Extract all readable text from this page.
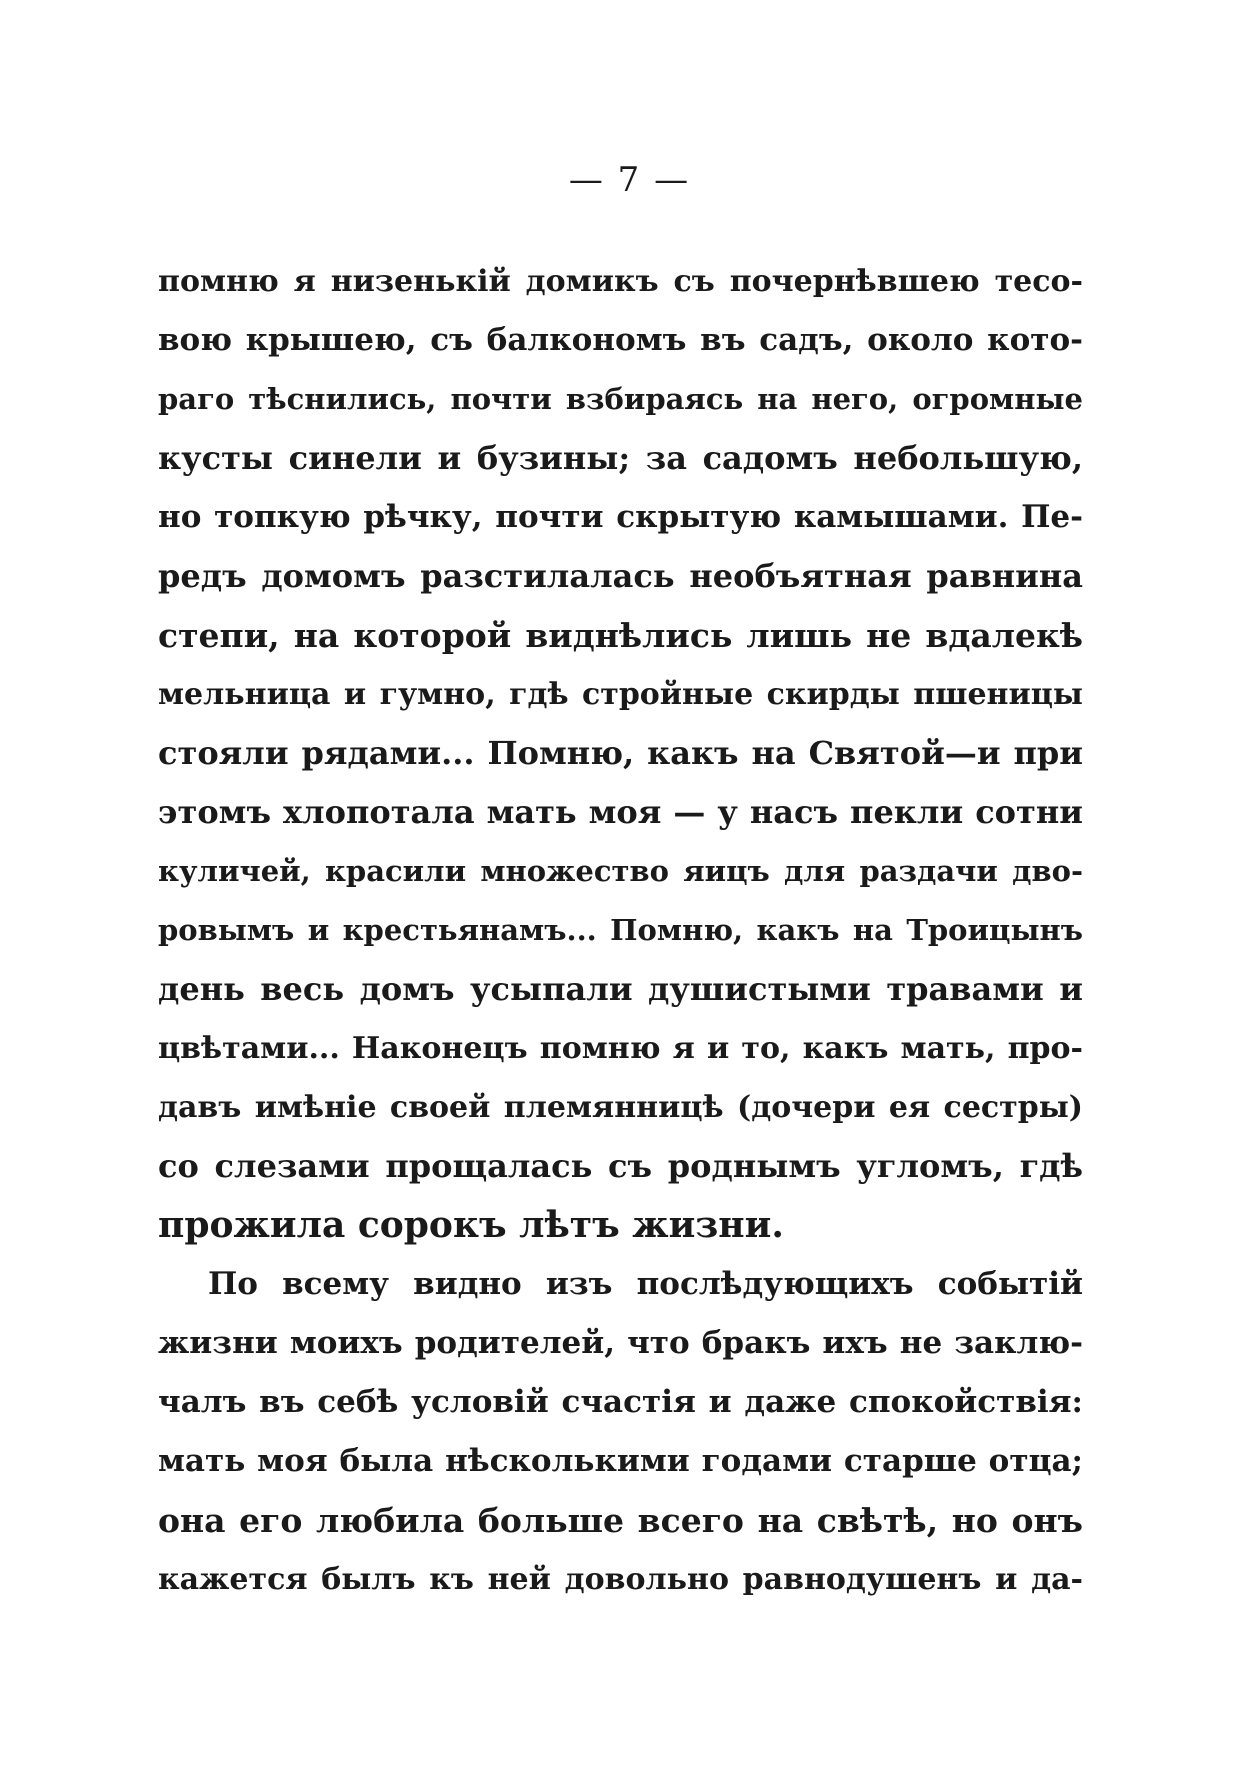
— 7 —
помню я низенькій домикъ съ почернѣвшею тесо-
вою крышею, съ балкономъ въ садъ, около кото-
раго тѣснились, почти взбираясь на него, огромные
кусты синели и бузины; за садомъ небольшую,
но топкую рѣчку, почти скрытую камышами. Пе-
редъ домомъ разстилалась необъятная равнина
степи, на которой виднѣлись лишь не вдалекѣ
мельница и гумно, гдѣ стройные скирды пшеницы
стояли рядами... Помню, какъ на Святой—и при
этомъ хлопотала мать моя — у насъ пекли сотни
куличей, красили множество яицъ для раздачи дво-
ровымъ и крестьянамъ... Помню, какъ на Троицынъ
день весь домъ усыпали душистыми травами и
цвѣтами... Наконецъ помню я и то, какъ мать, про-
давъ имѣніе своей племянницѣ (дочери ея сестры)
со слезами прощалась съ роднымъ угломъ, гдѣ
прожила сорокъ лѣтъ жизни.
По всему видно изъ послѣдующихъ событій
жизни моихъ родителей, что бракъ ихъ не заклю-
чалъ въ себѣ условій счастія и даже спокойствія:
мать моя была нѣсколькими годами старше отца;
она его любила больше всего на свѣтѣ, но онъ
кажется былъ къ ней довольно равнодушенъ и да-
